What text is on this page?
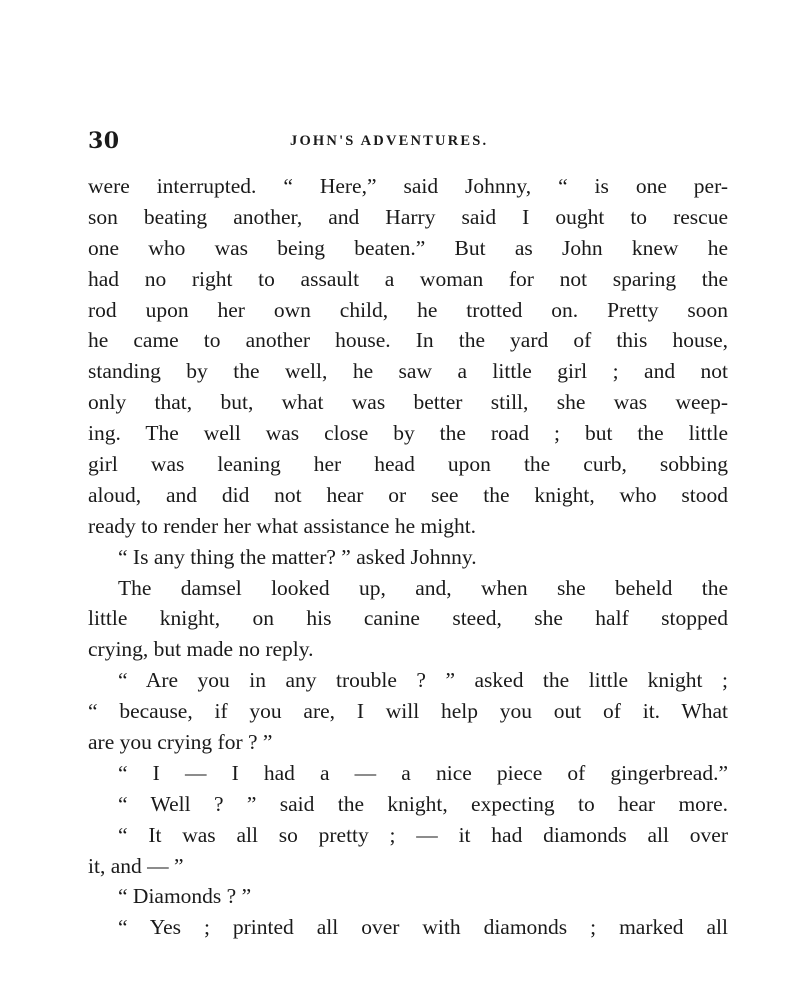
30	JOHN'S ADVENTURES.
were interrupted. “ Here,” said Johnny, “ is one per-
son beating another, and Harry said I ought to rescue
one who was being beaten.” But as John knew he
had no right to assault a woman for not sparing the
rod upon her own child, he trotted on. Pretty soon
he came to another house. In the yard of this house,
standing by the well, he saw a little girl ; and not
only that, but, what was better still, she was weep-
ing. The well was close by the road ; but the little
girl was leaning her head upon the curb, sobbing
aloud, and did not hear or see the knight, who stood
ready to render her what assistance he might.
“ Is any thing the matter? ” asked Johnny.
The damsel looked up, and, when she beheld the
little knight, on his canine steed, she half stopped
crying, but made no reply.
“ Are you in any trouble ? ” asked the little knight ;
“ because, if you are, I will help you out of it. What
are you crying for ? ”
“ I — I had a — a nice piece of gingerbread.”
“ Well ? ” said the knight, expecting to hear more.
“ It was all so pretty ; — it had diamonds all over
it, and — ”
“ Diamonds ? ”
“ Yes ; printed all over with diamonds ; marked all
